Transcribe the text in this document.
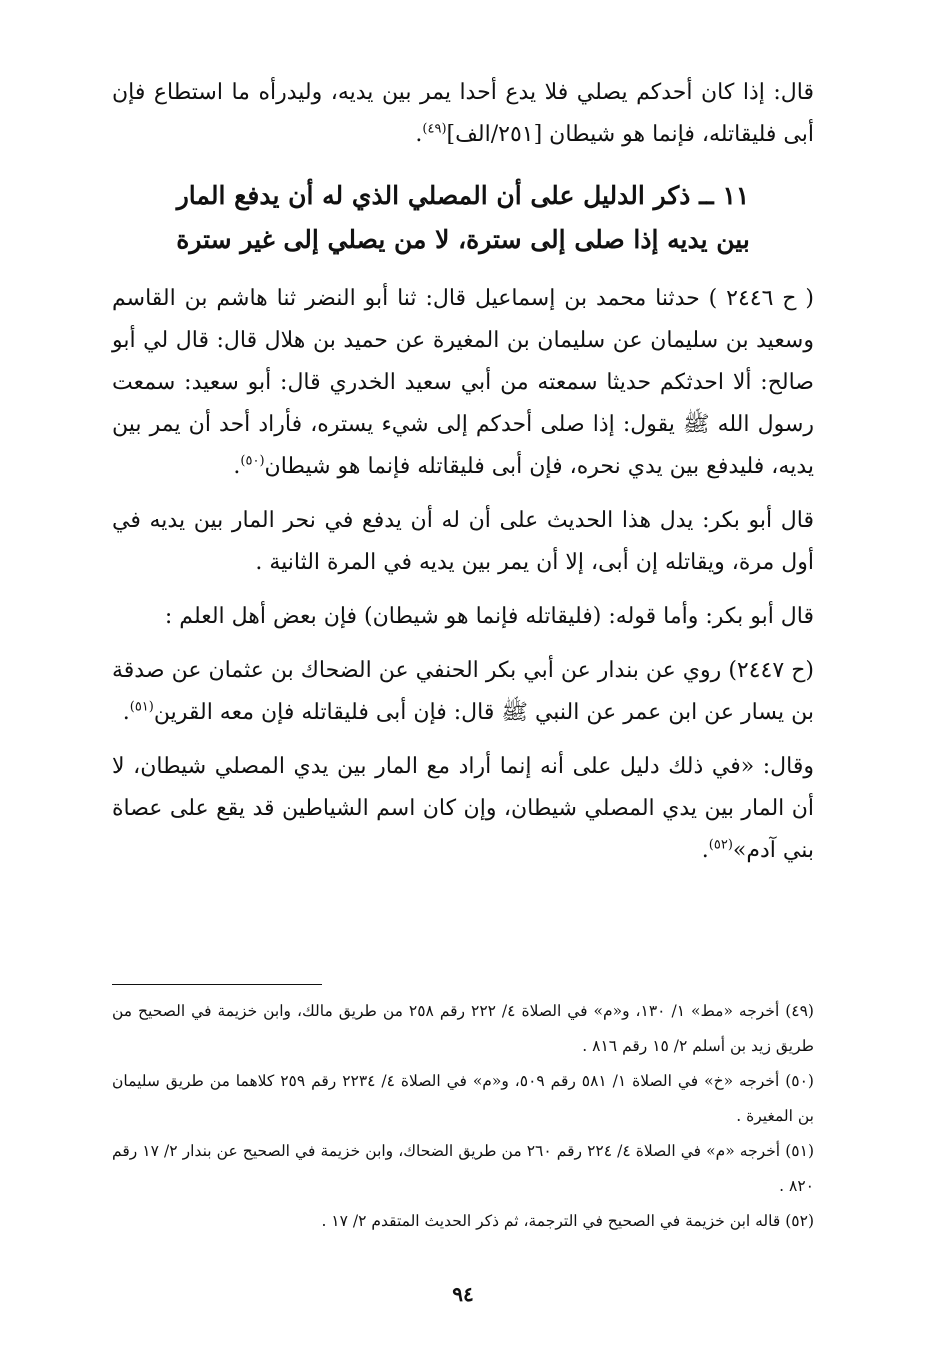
قال: إذا كان أحدكم يصلي فلا يدع أحدا يمر بين يديه، وليدرأه ما استطاع فإن أبى فليقاتله، فإنما هو شيطان [٢٥١/الف]$^{(٤٩)}$.

١١ ــ ذكر الدليل على أن المصلي الذي له أن يدفع المار بين يديه إذا صلى إلى سترة، لا من يصلي إلى غير سترة

( ح ٢٤٤٦ ) حدثنا محمد بن إسماعيل قال: ثنا أبو النضر ثنا هاشم بن القاسم وسعيد بن سليمان عن سليمان بن المغيرة عن حميد بن هلال قال: قال لي أبو صالح: ألا احدثكم حديثا سمعته من أبي سعيد الخدري قال: أبو سعيد: سمعت رسول الله ﷺ يقول: إذا صلى أحدكم إلى شيء يستره، فأراد أحد أن يمر بين يديه، فليدفع بين يدي نحره، فإن أبى فليقاتله فإنما هو شيطان$^{(٥٠)}$.

قال أبو بكر: يدل هذا الحديث على أن له أن يدفع في نحر المار بين يديه في أول مرة، ويقاتله إن أبى، إلا أن يمر بين يديه في المرة الثانية .

قال أبو بكر: وأما قوله: (فليقاتله فإنما هو شيطان) فإن بعض أهل العلم :

(ح ٢٤٤٧) روي عن بندار عن أبي بكر الحنفي عن الضحاك بن عثمان عن صدقة بن يسار عن ابن عمر عن النبي ﷺ قال: فإن أبى فليقاتله فإن معه القرين$^{(٥١)}$.

وقال: «في ذلك دليل على أنه إنما أراد مع المار بين يدي المصلي شيطان، لا أن المار بين يدي المصلي شيطان، وإن كان اسم الشياطين قد يقع على عصاة بني آدم»$^{(٥٢)}$.

(٤٩) أخرجه «مط» ١/ ١٣٠، و«م» في الصلاة ٤/ ٢٢٢ رقم ٢٥٨ من طريق مالك، وابن خزيمة في الصحيح من طريق زيد بن أسلم ٢/ ١٥ رقم ٨١٦ .

(٥٠) أخرجه «خ» في الصلاة ١/ ٥٨١ رقم ٥٠٩، و«م» في الصلاة ٤/ ٢٢٣٤ رقم ٢٥٩ كلاهما من طريق سليمان بن المغيرة .

(٥١) أخرجه «م» في الصلاة ٤/ ٢٢٤ رقم ٢٦٠ من طريق الضحاك، وابن خزيمة في الصحيح عن بندار ٢/ ١٧ رقم ٨٢٠ .

(٥٢) قاله ابن خزيمة في الصحيح في الترجمة، ثم ذكر الحديث المتقدم ٢/ ١٧ .

٩٤
